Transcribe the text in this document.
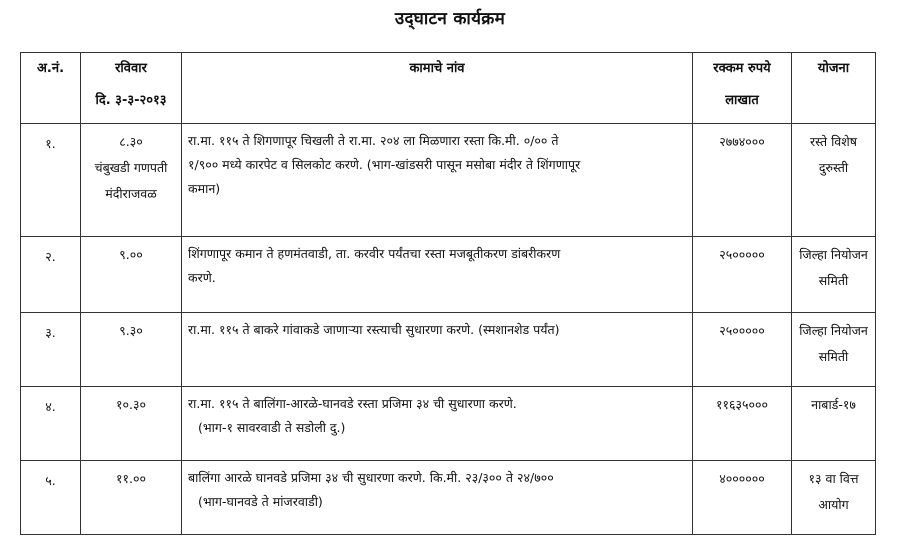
उद्‌घाटन कार्यक्रम
अ.नं.	रविवार
दि. ३-३-२०१३	कामाचे नांव	रक्कम रुपये
लाखात	योजना

१.	८.३०
चंबुखडी गणपती
मंदीराजवळ	रा.मा. ११५ ते शिगणापूर चिखली ते रा.मा. २०४ ला मिळणारा रस्ता कि.मी. ०/०० ते
१/९०० मध्ये कारपेट व सिलकोट करणे. (भाग-खांडसरी पासून मसोबा मंदीर ते शिंगणापूर
कमान)	२७७४०००	रस्ते विशेष
दुरुस्ती

२.	९.००	शिंगणापूर कमान ते हणमंतवाडी, ता. करवीर पर्यंतचा रस्ता मजबूतीकरण डांबरीकरण
करणे.	२५०००००	जिल्हा नियोजन
समिती

३.	९.३०	रा.मा. ११५ ते बाकरे गांवाकडे जाणाऱ्या रस्त्याची सुधारणा करणे. (स्मशानशेड पर्यंत)	२५०००००	जिल्हा नियोजन
समिती

४.	१०.३०	रा.मा. ११५ ते बालिंगा-आरळे-घानवडे रस्ता प्रजिमा ३४ ची सुधारणा करणे.
(भाग-१ सावरवाडी ते सडोली दु.)	११६३५०००	नाबार्ड-१७

५.	११.००	बालिंगा आरळे घानवडे प्रजिमा ३४ ची सुधारणा करणे. कि.मी. २३/३०० ते २४/७००
(भाग-घानवडे ते मांजरवाडी)	४००००००	१३ वा वित्त
आयोग
